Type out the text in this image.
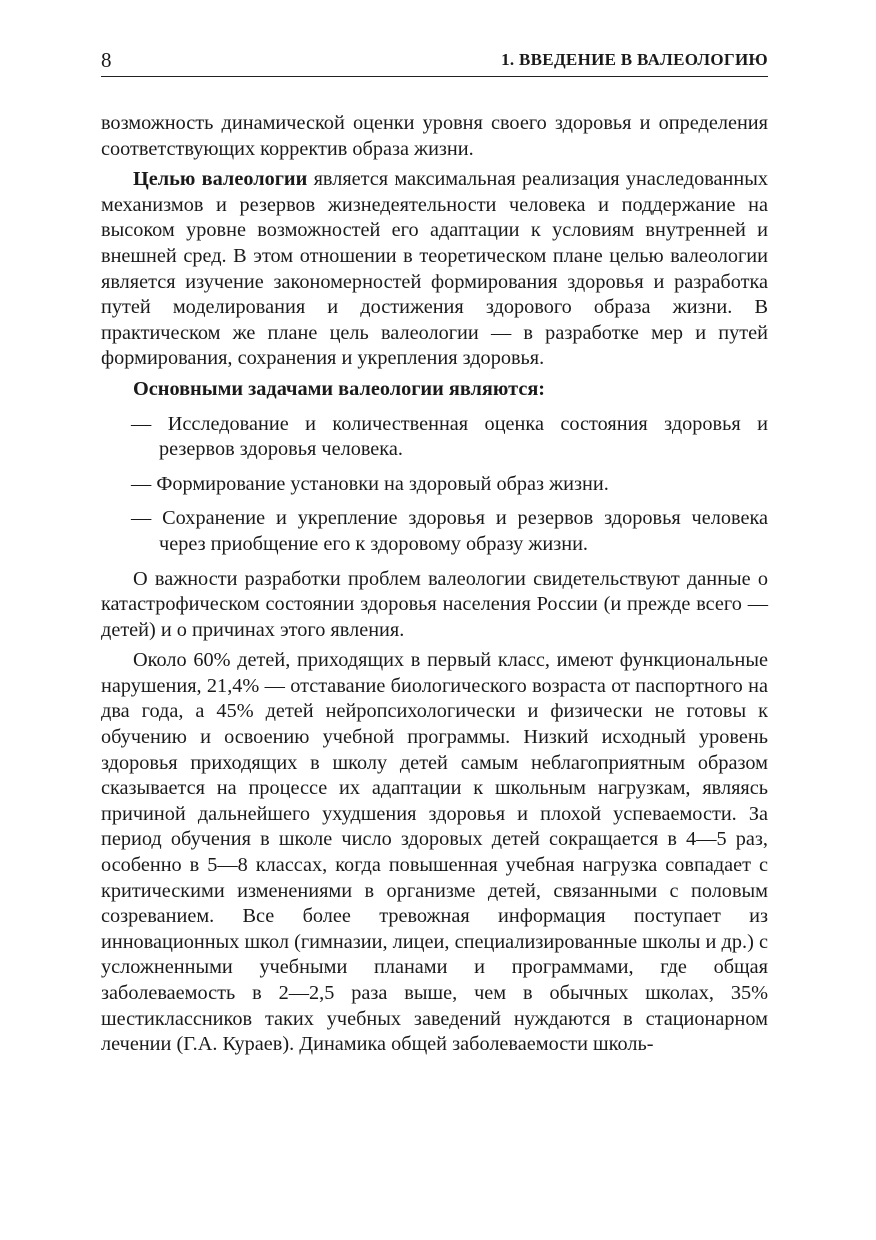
8	1. ВВЕДЕНИЕ В ВАЛЕОЛОГИЮ

возможность динамической оценки уровня своего здоровья и определения соответствующих корректив образа жизни.

Целью валеологии является максимальная реализация унаследованных механизмов и резервов жизнедеятельности человека и поддержание на высоком уровне возможностей его адаптации к условиям внутренней и внешней сред. В этом отношении в теоретическом плане целью валеологии является изучение закономерностей формирования здоровья и разработка путей моделирования и достижения здорового образа жизни. В практическом же плане цель валеологии — в разработке мер и путей формирования, сохранения и укрепления здоровья.

Основными задачами валеологии являются:

— Исследование и количественная оценка состояния здоровья и резервов здоровья человека.
— Формирование установки на здоровый образ жизни.
— Сохранение и укрепление здоровья и резервов здоровья человека через приобщение его к здоровому образу жизни.

О важности разработки проблем валеологии свидетельствуют данные о катастрофическом состоянии здоровья населения России (и прежде всего — детей) и о причинах этого явления.

Около 60% детей, приходящих в первый класс, имеют функциональные нарушения, 21,4% — отставание биологического возраста от паспортного на два года, а 45% детей нейропсихологически и физически не готовы к обучению и освоению учебной программы. Низкий исходный уровень здоровья приходящих в школу детей самым неблагоприятным образом сказывается на процессе их адаптации к школьным нагрузкам, являясь причиной дальнейшего ухудшения здоровья и плохой успеваемости. За период обучения в школе число здоровых детей сокращается в 4—5 раз, особенно в 5—8 классах, когда повышенная учебная нагрузка совпадает с критическими изменениями в организме детей, связанными с половым созреванием. Все более тревожная информация поступает из инновационных школ (гимназии, лицеи, специализированные школы и др.) с усложненными учебными планами и программами, где общая заболеваемость в 2—2,5 раза выше, чем в обычных школах, 35% шестиклассников таких учебных заведений нуждаются в стационарном лечении (Г.А. Кураев). Динамика общей заболеваемости школь-
